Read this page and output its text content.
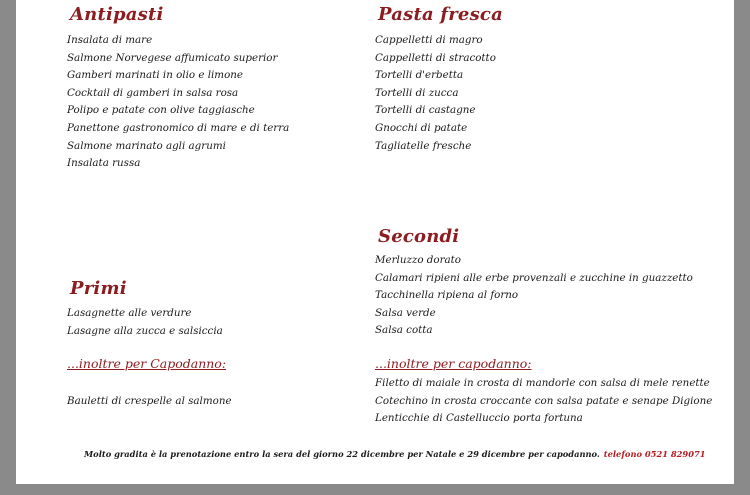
Antipasti
Insalata di mare
Salmone Norvegese affumicato superior
Gamberi marinati in olio e limone
Cocktail di gamberi in salsa rosa
Polipo e patate con olive taggiasche
Panettone gastronomico di mare e di terra
Salmone marinato agli agrumi
Insalata russa
Pasta fresca
Cappelletti di magro
Cappelletti di stracotto
Tortelli d'erbetta
Tortelli di zucca
Tortelli di castagne
Gnocchi di patate
Tagliatelle fresche
Secondi
Merluzzo dorato
Calamari ripieni alle erbe provenzali e zucchine in guazzetto
Tacchinella ripiena al forno
Salsa verde
Salsa cotta

...inoltre per capodanno:

Filetto di maiale in crosta di mandorle con salsa di mele renette
Cotechino in crosta croccante con salsa patate e senape Digione
Lenticchie di Castelluccio porta fortuna
Primi
Lasagnette alle verdure
Lasagne alla zucca e salsiccia

...inoltre per Capodanno:

Bauletti di crespelle al salmone
Molto gradita è la prenotazione entro la sera del giorno 22 dicembre per Natale e 29 dicembre per capodanno. telefono 0521 829071
